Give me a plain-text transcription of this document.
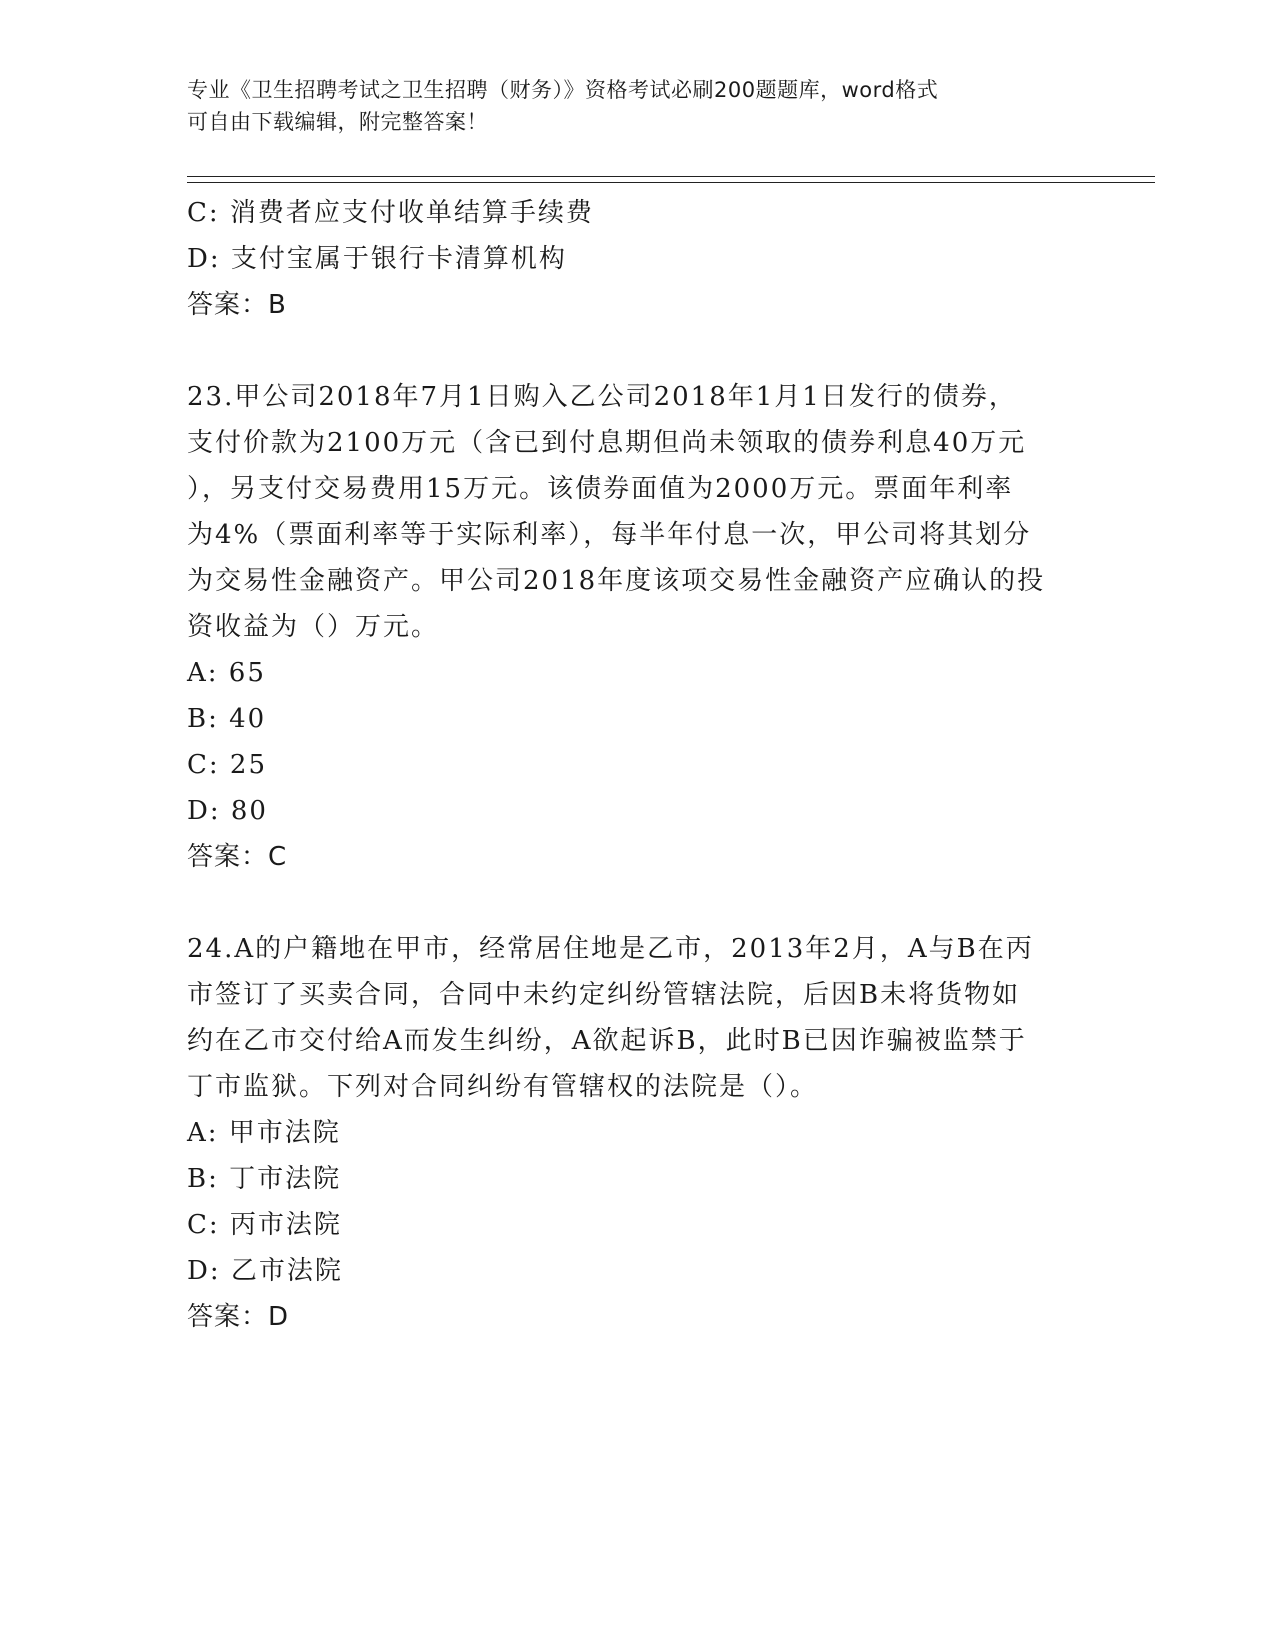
专业《卫生招聘考试之卫生招聘（财务）》资格考试必刷200题题库，word格式
可自由下载编辑，附完整答案！
C: 消费者应支付收单结算手续费
D: 支付宝属于银行卡清算机构
答案：B
23.甲公司2018年7月1日购入乙公司2018年1月1日发行的债券，
支付价款为2100万元（含已到付息期但尚未领取的债券利息40万元
），另支付交易费用15万元。该债券面值为2000万元。票面年利率
为4%（票面利率等于实际利率），每半年付息一次，甲公司将其划分
为交易性金融资产。甲公司2018年度该项交易性金融资产应确认的投
资收益为（）万元。
A: 65
B: 40
C: 25
D: 80
答案：C
24.A的户籍地在甲市，经常居住地是乙市，2013年2月，A与B在丙
市签订了买卖合同，合同中未约定纠纷管辖法院，后因B未将货物如
约在乙市交付给A而发生纠纷，A欲起诉B，此时B已因诈骗被监禁于
丁市监狱。下列对合同纠纷有管辖权的法院是（）。
A: 甲市法院
B: 丁市法院
C: 丙市法院
D: 乙市法院
答案：D
